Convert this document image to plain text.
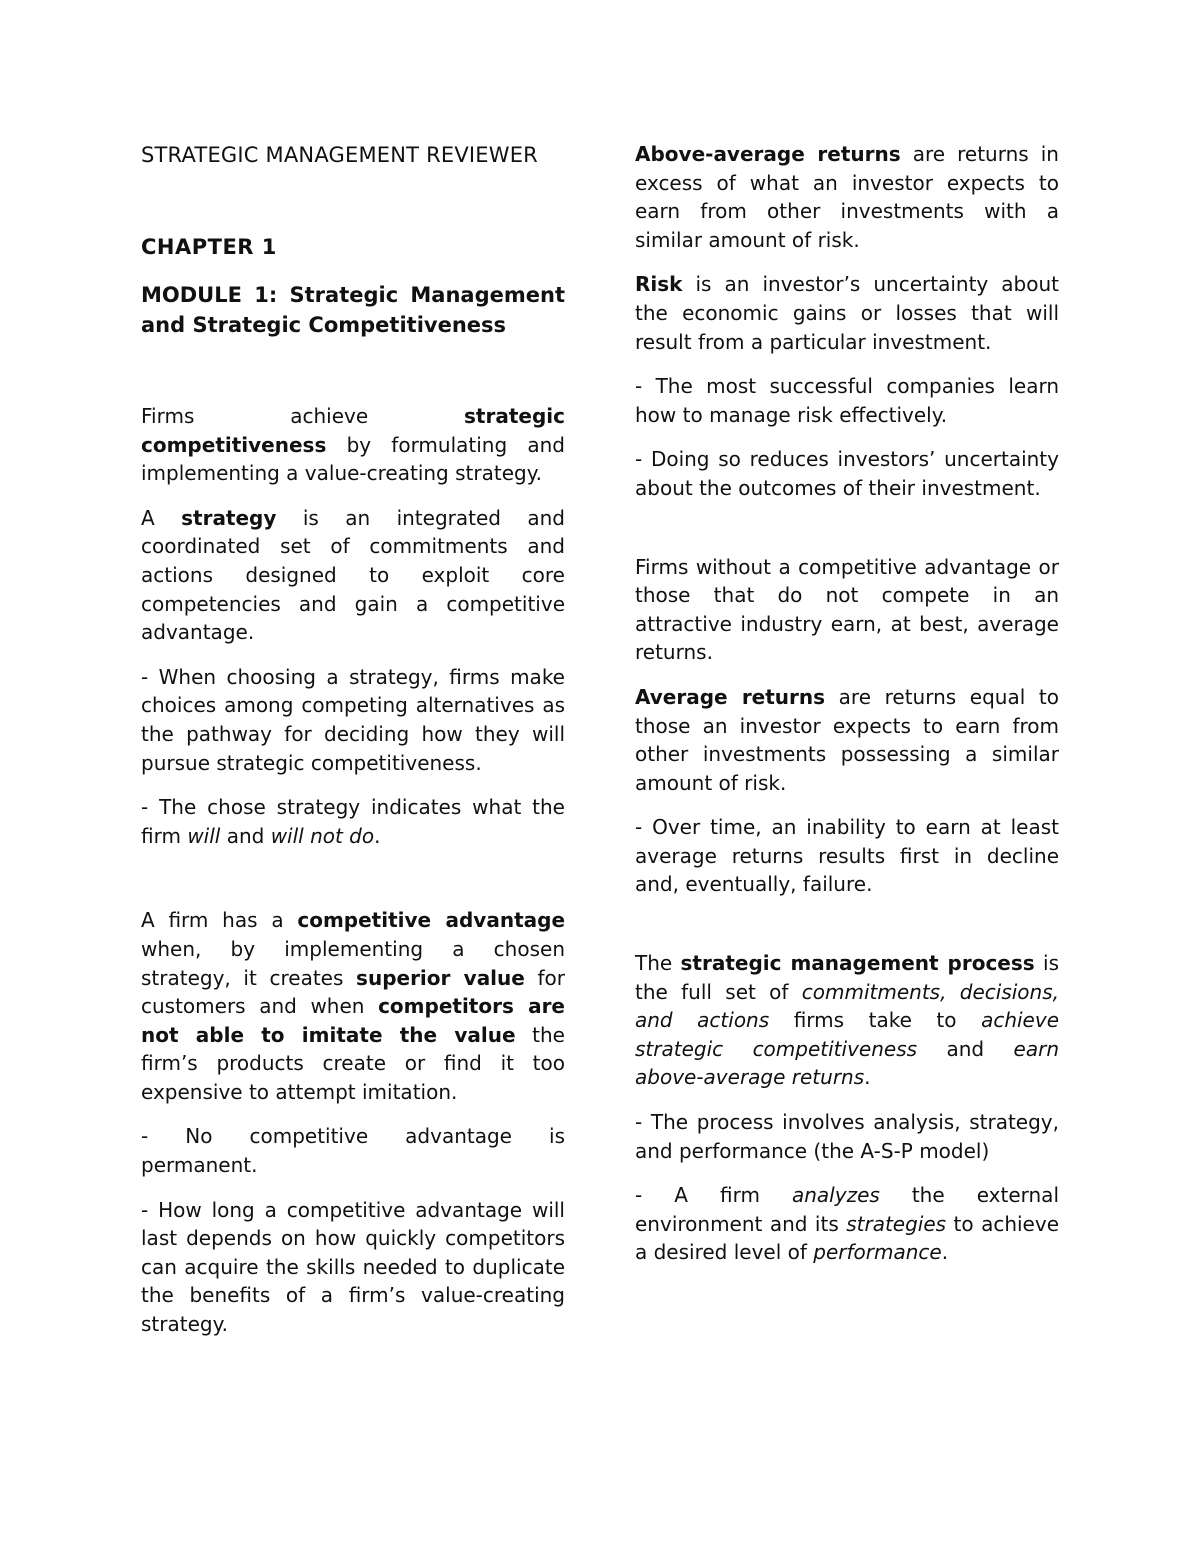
STRATEGIC MANAGEMENT REVIEWER
CHAPTER 1
MODULE 1: Strategic Management and Strategic Competitiveness

Firms achieve strategic competitiveness by formulating and implementing a value-creating strategy.

A strategy is an integrated and coordinated set of commitments and actions designed to exploit core competencies and gain a competitive advantage.

- When choosing a strategy, firms make choices among competing alternatives as the pathway for deciding how they will pursue strategic competitiveness.

- The chose strategy indicates what the firm will and will not do.

A firm has a competitive advantage when, by implementing a chosen strategy, it creates superior value for customers and when competitors are not able to imitate the value the firm’s products create or find it too expensive to attempt imitation.

- No competitive advantage is permanent.

- How long a competitive advantage will last depends on how quickly competitors can acquire the skills needed to duplicate the benefits of a firm’s value-creating strategy.

Above-average returns are returns in excess of what an investor expects to earn from other investments with a similar amount of risk.

Risk is an investor’s uncertainty about the economic gains or losses that will result from a particular investment.

- The most successful companies learn how to manage risk effectively.

- Doing so reduces investors’ uncertainty about the outcomes of their investment.

Firms without a competitive advantage or those that do not compete in an attractive industry earn, at best, average returns.

Average returns are returns equal to those an investor expects to earn from other investments possessing a similar amount of risk.

- Over time, an inability to earn at least average returns results first in decline and, eventually, failure.

The strategic management process is the full set of commitments, decisions, and actions firms take to achieve strategic competitiveness and earn above-average returns.

- The process involves analysis, strategy, and performance (the A-S-P model)

- A firm analyzes the external environment and its strategies to achieve a desired level of performance.
